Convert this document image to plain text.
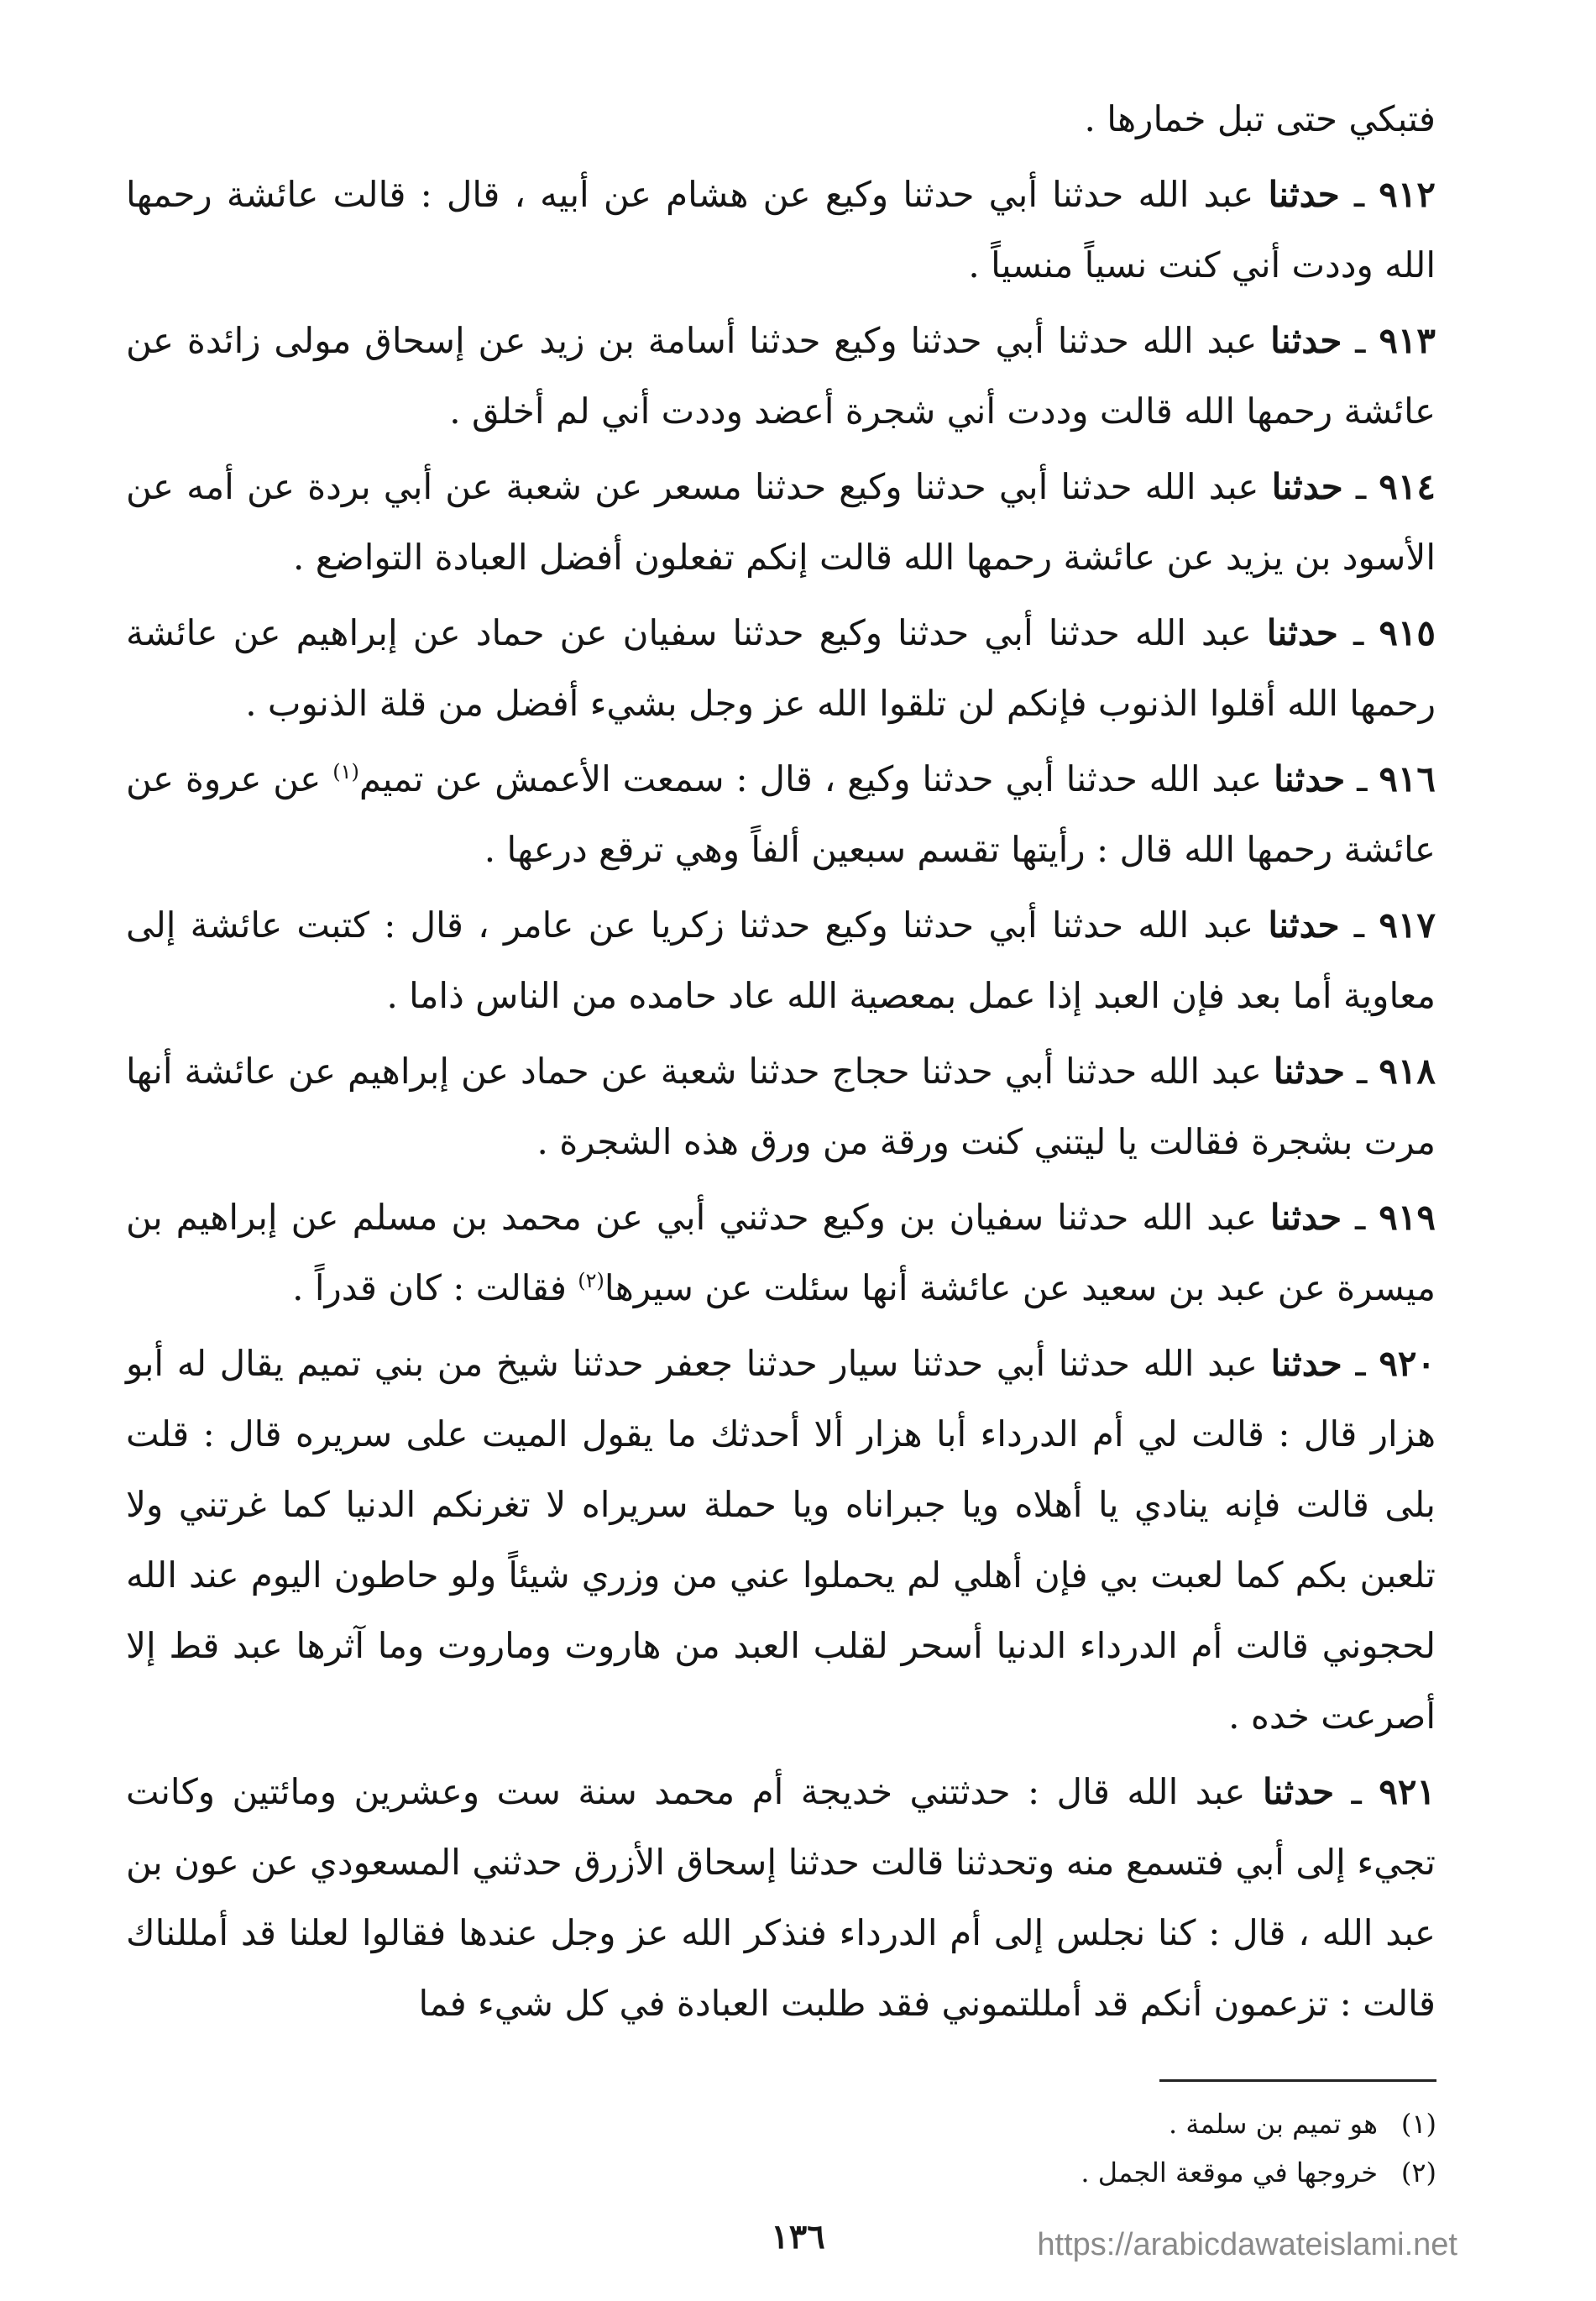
فتبكي حتى تبل خمارها .

٩١٢ ـ حدثنا عبد الله حدثنا أبي حدثنا وكيع عن هشام عن أبيه ، قال : قالت عائشة رحمها الله وددت أني كنت نسياً منسياً .

٩١٣ ـ حدثنا عبد الله حدثنا أبي حدثنا وكيع حدثنا أسامة بن زيد عن إسحاق مولى زائدة عن عائشة رحمها الله قالت وددت أني شجرة أعضد وددت أني لم أخلق .

٩١٤ ـ حدثنا عبد الله حدثنا أبي حدثنا وكيع حدثنا مسعر عن شعبة عن أبي بردة عن أمه عن الأسود بن يزيد عن عائشة رحمها الله قالت إنكم تفعلون أفضل العبادة التواضع .

٩١٥ ـ حدثنا عبد الله حدثنا أبي حدثنا وكيع حدثنا سفيان عن حماد عن إبراهيم عن عائشة رحمها الله أقلوا الذنوب فإنكم لن تلقوا الله عز وجل بشيء أفضل من قلة الذنوب .

٩١٦ ـ حدثنا عبد الله حدثنا أبي حدثنا وكيع ، قال : سمعت الأعمش عن تميم$^{(١)}$ عن عروة عن عائشة رحمها الله قال : رأيتها تقسم سبعين ألفاً وهي ترقع درعها .

٩١٧ ـ حدثنا عبد الله حدثنا أبي حدثنا وكيع حدثنا زكريا عن عامر ، قال : كتبت عائشة إلى معاوية أما بعد فإن العبد إذا عمل بمعصية الله عاد حامده من الناس ذاما .

٩١٨ ـ حدثنا عبد الله حدثنا أبي حدثنا حجاج حدثنا شعبة عن حماد عن إبراهيم عن عائشة أنها مرت بشجرة فقالت يا ليتني كنت ورقة من ورق هذه الشجرة .

٩١٩ ـ حدثنا عبد الله حدثنا سفيان بن وكيع حدثني أبي عن محمد بن مسلم عن إبراهيم بن ميسرة عن عبد بن سعيد عن عائشة أنها سئلت عن سيرها$^{(٢)}$ فقالت : كان قدراً .

٩٢٠ ـ حدثنا عبد الله حدثنا أبي حدثنا سيار حدثنا جعفر حدثنا شيخ من بني تميم يقال له أبو هزار قال : قالت لي أم الدرداء أبا هزار ألا أحدثك ما يقول الميت على سريره قال : قلت بلى قالت فإنه ينادي يا أهلاه ويا جبراناه ويا حملة سريراه لا تغرنكم الدنيا كما غرتني ولا تلعبن بكم كما لعبت بي فإن أهلي لم يحملوا عني من وزري شيئاً ولو حاطون اليوم عند الله لحجوني قالت أم الدرداء الدنيا أسحر لقلب العبد من هاروت وماروت وما آثرها عبد قط إلا أصرعت خده .

٩٢١ ـ حدثنا عبد الله قال : حدثتني خديجة أم محمد سنة ست وعشرين ومائتين وكانت تجيء إلى أبي فتسمع منه وتحدثنا قالت حدثنا إسحاق الأزرق حدثني المسعودي عن عون بن عبد الله ، قال : كنا نجلس إلى أم الدرداء فنذكر الله عز وجل عندها فقالوا لعلنا قد أمللناك قالت : تزعمون أنكم قد أمللتموني فقد طلبت العبادة في كل شيء فما

(١)هو تميم بن سلمة .

(٢)خروجها في موقعة الجمل .

١٣٦	https://arabicdawateislami.net
